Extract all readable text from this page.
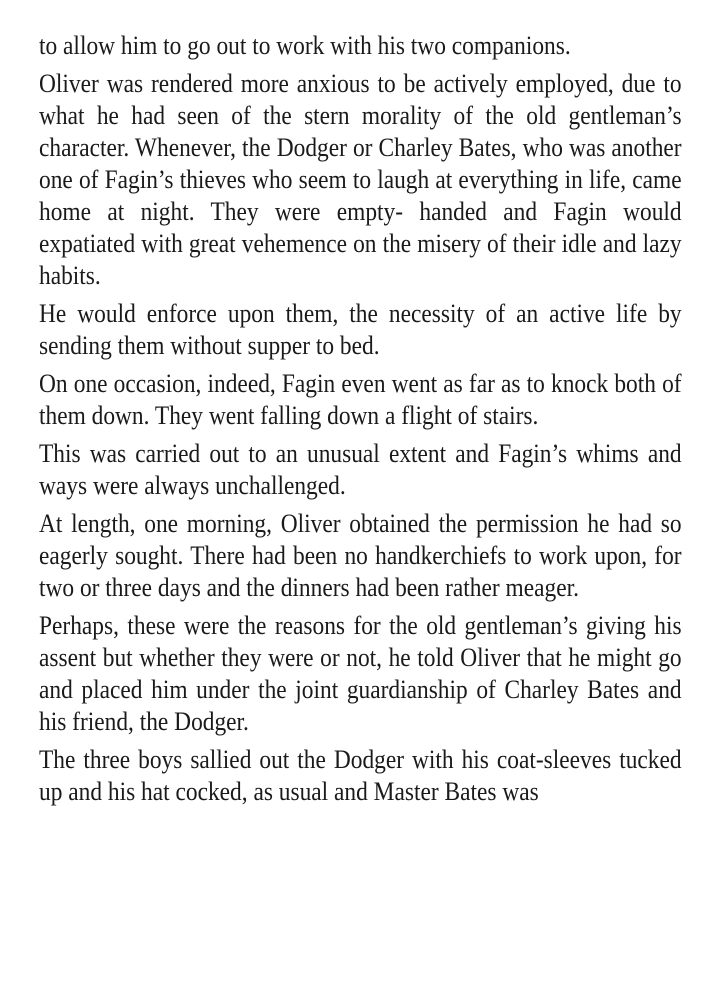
to allow him to go out to work with his two companions.

Oliver was rendered more anxious to be actively employed, due to what he had seen of the stern morality of the old gentleman’s character. Whenever, the Dodger or Charley Bates, who was another one of Fagin’s thieves who seem to laugh at everything in life, came home at night. They were empty- handed and Fagin would expatiated with great vehemence on the misery of their idle and lazy habits.

He would enforce upon them, the necessity of an active life by sending them without supper to bed.

On one occasion, indeed, Fagin even went as far as to knock both of them down. They went falling down a flight of stairs.

This was carried out to an unusual extent and Fagin’s whims and ways were always unchallenged.

At length, one morning, Oliver obtained the permission he had so eagerly sought. There had been no handkerchiefs to work upon, for two or three days and the dinners had been rather meager.

Perhaps, these were the reasons for the old gentleman’s giving his assent but whether they were or not, he told Oliver that he might go and placed him under the joint guardianship of Charley Bates and his friend, the Dodger.

The three boys sallied out the Dodger with his coat-sleeves tucked up and his hat cocked, as usual and Master Bates was
